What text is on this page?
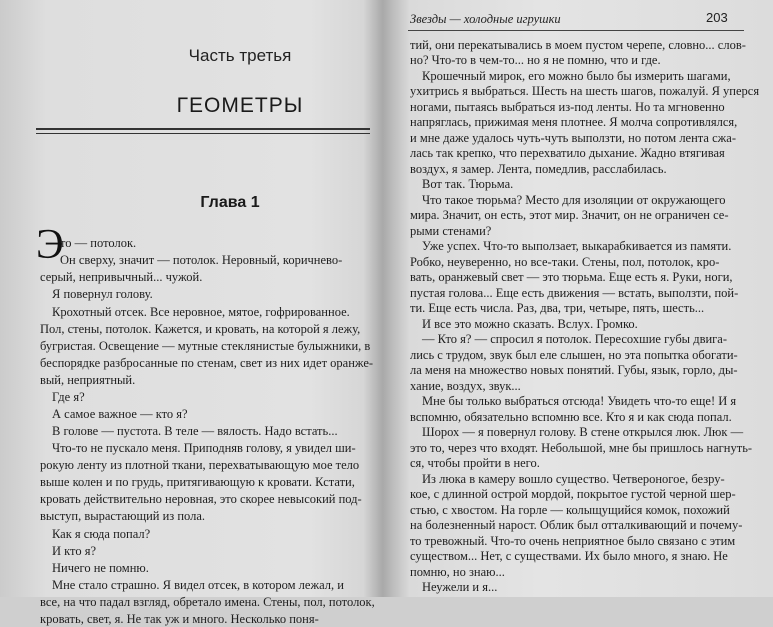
Часть третья
ГЕОМЕТРЫ
Глава 1
Э
то — потолок.
Он сверху, значит — потолок. Неровный, коричнево-
серый, непривычный... чужой.
Я повернул голову.
Крохотный отсек. Все неровное, мятое, гофрированное.
Пол, стены, потолок. Кажется, и кровать, на которой я лежу,
бугристая. Освещение — мутные стеклянистые булыжники, в
беспорядке разбросанные по стенам, свет из них идет оранже-
вый, неприятный.
Где я?
А самое важное — кто я?
В голове — пустота. В теле — вялость. Надо встать...
Что-то не пускало меня. Приподняв голову, я увидел ши-
рокую ленту из плотной ткани, перехватывающую мое тело
выше колен и по грудь, притягивающую к кровати. Кстати,
кровать действительно неровная, это скорее невысокий под-
выступ, вырастающий из пола.
Как я сюда попал?
И кто я?
Ничего не помню.
Мне стало страшно. Я видел отсек, в котором лежал, и
все, на что падал взгляд, обретало имена. Стены, пол, потолок,
кровать, свет, я. Не так уж и много. Несколько поня-
Звезды — холодные игрушки	203
тий, они перекатывались в моем пустом черепе, словно... слов-
но? Что-то в чем-то... но я не помню, что и где.
Крошечный мирок, его можно было бы измерить шагами,
ухитрись я выбраться. Шесть на шесть шагов, пожалуй. Я уперся
ногами, пытаясь выбраться из-под ленты. Но та мгновенно
напряглась, прижимая меня плотнее. Я молча сопротивлялся,
и мне даже удалось чуть-чуть выползти, но потом лента сжа-
лась так крепко, что перехватило дыхание. Жадно втягивая
воздух, я замер. Лента, помедлив, расслабилась.
Вот так. Тюрьма.
Что такое тюрьма? Место для изоляции от окружающего
мира. Значит, он есть, этот мир. Значит, он не ограничен се-
рыми стенами?
Уже успех. Что-то выползает, выкарабкивается из памяти.
Робко, неуверенно, но все-таки. Стены, пол, потолок, кро-
вать, оранжевый свет — это тюрьма. Еще есть я. Руки, ноги,
пустая голова... Еще есть движения — встать, выползти, пой-
ти. Еще есть числа. Раз, два, три, четыре, пять, шесть...
И все это можно сказать. Вслух. Громко.
— Кто я? — спросил я потолок. Пересохшие губы двига-
лись с трудом, звук был еле слышен, но эта попытка обогати-
ла меня на множество новых понятий. Губы, язык, горло, ды-
хание, воздух, звук...
Мне бы только выбраться отсюда! Увидеть что-то еще! И я
вспомню, обязательно вспомню все. Кто я и как сюда попал.
Шорох — я повернул голову. В стене открылся люк. Люк —
это то, через что входят. Небольшой, мне бы пришлось нагнуть-
ся, чтобы пройти в него.
Из люка в камеру вошло существо. Четвероногое, безру-
кое, с длинной острой мордой, покрытое густой черной шер-
стью, с хвостом. На горле — колыщущийся комок, похожий
на болезненный нарост. Облик был отталкивающий и почему-
то тревожный. Что-то очень неприятное было связано с этим
существом... Нет, с существами. Их было много, я знаю. Не
помню, но знаю...
Неужели и я...
